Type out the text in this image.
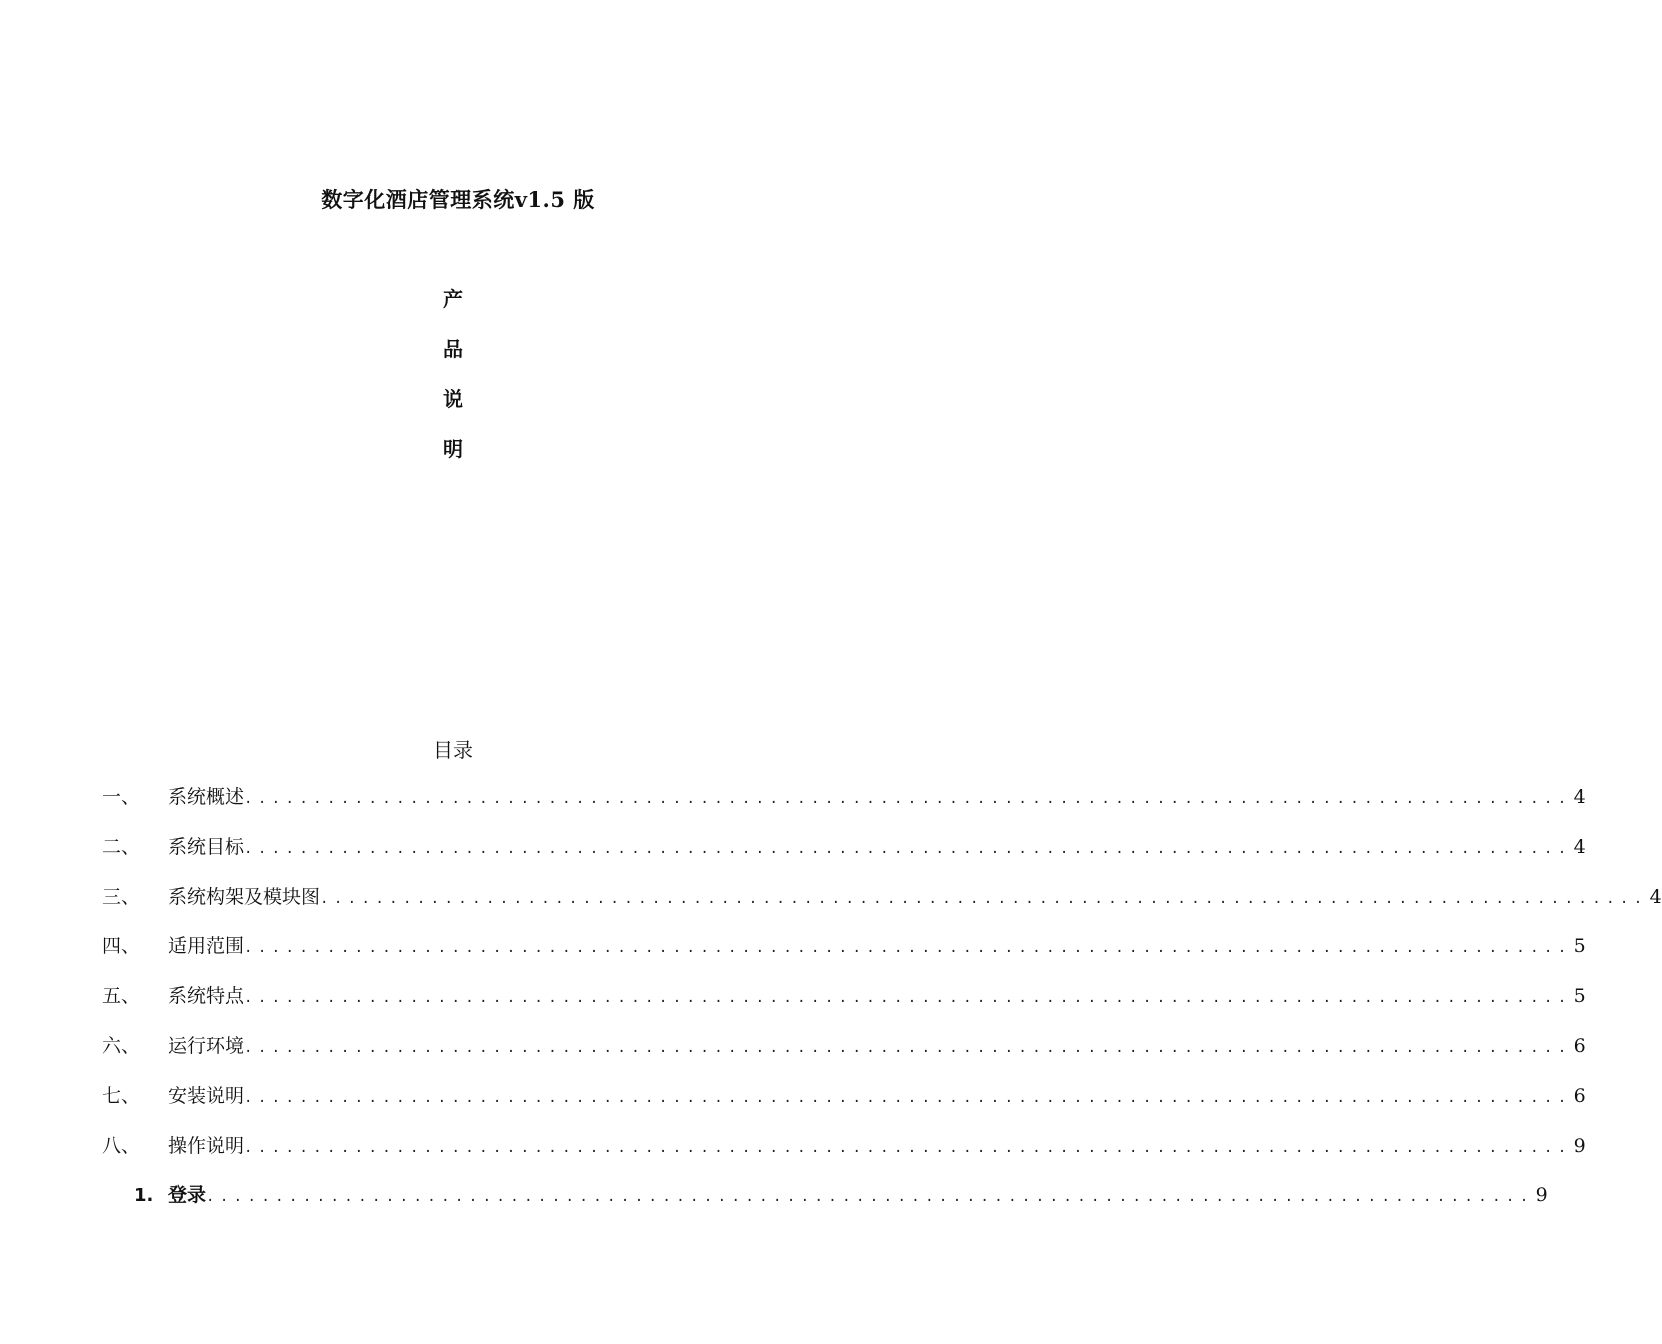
数字化酒店管理系统v1.5 版
产
品
说
明
目录
一、	系统概述 ................................................................................................ 4
二、	系统目标 ................................................................................................ 4
三、	系统构架及模块图 ................................................................................................ 4
四、	适用范围 ................................................................................................ 5
五、	系统特点 ................................................................................................ 5
六、	运行环境 ................................................................................................ 6
七、	安装说明 ................................................................................................ 6
八、	操作说明 ................................................................................................ 9
1. 登录 ................................................................................................ 9
